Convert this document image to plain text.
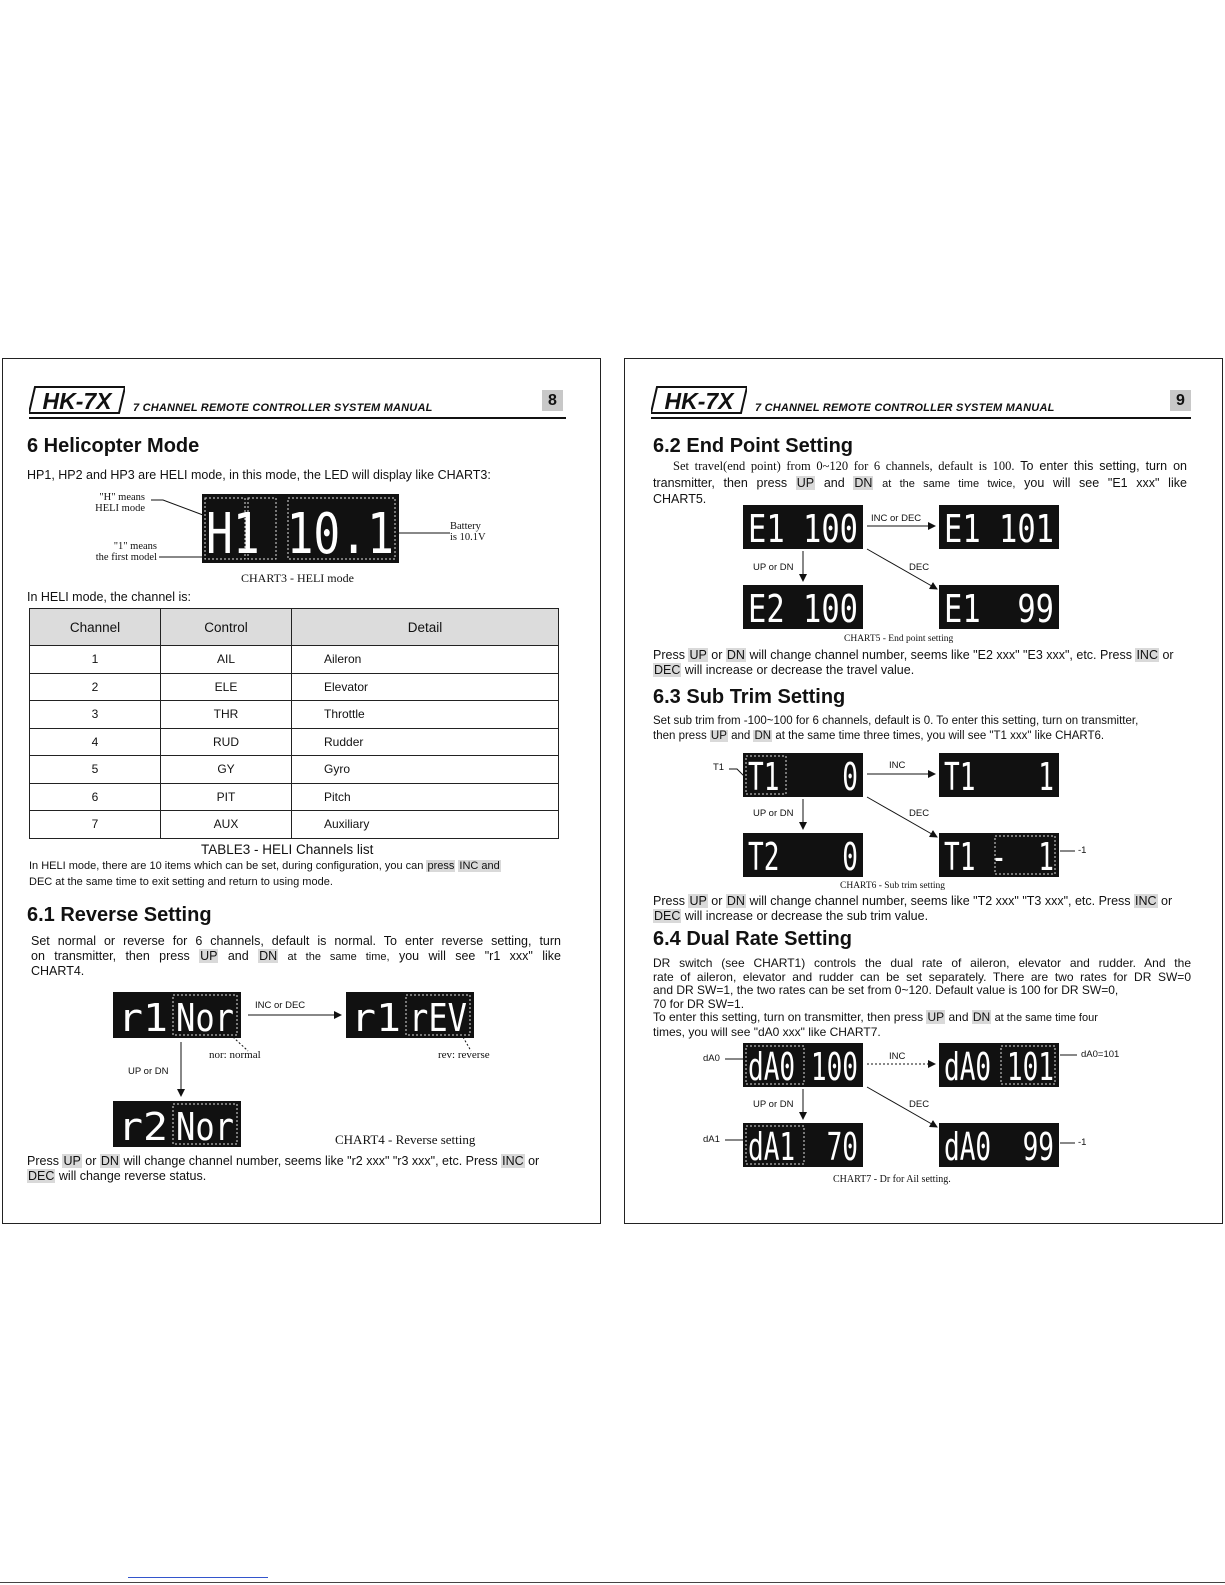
HK-7X 7 CHANNEL REMOTE CONTROLLER SYSTEM MANUAL	8
6 Helicopter Mode
HP1, HP2 and HP3 are HELI mode, in this mode, the LED will display like CHART3:
"H" means
HELI mode
"1" means
the first model
Battery
is 10.1V
H1 10.1
CHART3 - HELI mode
In HELI mode, the channel is:
Channel	Control	Detail
1	AIL	Aileron
2	ELE	Elevator
3	THR	Throttle
4	RUD	Rudder
5	GY	Gyro
6	PIT	Pitch
7	AUX	Auxiliary
TABLE3 - HELI Channels list
In HELI mode, there are 10 items which can be set, during configuration, you can press INC and
DEC at the same time to exit setting and return to using mode.
6.1 Reverse Setting
Set normal or reverse for 6 channels, default is normal. To enter reverse setting, turn
on transmitter, then press UP and DN at the same time, you will see "r1 xxx" like
CHART4.
r1 Nor	r1 rEV
r2 Nor
INC or DEC
UP or DN
nor: normal	rev: reverse
CHART4 - Reverse setting
Press UP or DN will change channel number, seems like "r2 xxx" "r3 xxx", etc. Press INC or DEC will change reverse status.
HK-7X 7 CHANNEL REMOTE CONTROLLER SYSTEM MANUAL	9
6.2 End Point Setting
Set travel(end point) from 0~120 for 6 channels, default is 100. To enter this setting, turn on
transmitter, then press UP and DN at the same time twice, you will see "E1 xxx" like
CHART5.
E1 100 E1 101
E2 100 E1  99
INC or DEC
UP or DN	DEC
CHART5 - End point setting
Press UP or DN will change channel number, seems like "E2 xxx" "E3 xxx", etc. Press INC or DEC will increase or decrease the travel value.
6.3 Sub Trim Setting
Set sub trim from -100~100 for 6 channels, default is 0. To enter this setting, turn on transmitter,
then press UP and DN at the same time three times, you will see "T1 xxx" like CHART6.
T1    0 T1    1
T2    0 T1 -  1
T1	INC
UP or DN	DEC
-1
CHART6 - Sub trim setting
Press UP or DN will change channel number, seems like "T2 xxx" "T3 xxx", etc. Press INC or DEC will increase or decrease the sub trim value.
6.4 Dual Rate Setting
DR switch (see CHART1) controls the dual rate of aileron, elevator and rudder. And the
rate of aileron, elevator and rudder can be set separately. There are two rates for DR SW=0
and DR SW=1, the two rates can be set from 0~120. Default value is 100 for DR SW=0,
70 for DR SW=1.
To enter this setting, turn on transmitter, then press UP and DN at the same time four
times, you will see "dA0 xxx" like CHART7.
dA0 100 dA0 101
dA1  70 dA0  99
dA0
dA1
dA0=101
-1
INC
UP or DN	DEC
CHART7 - Dr for Ail setting.
